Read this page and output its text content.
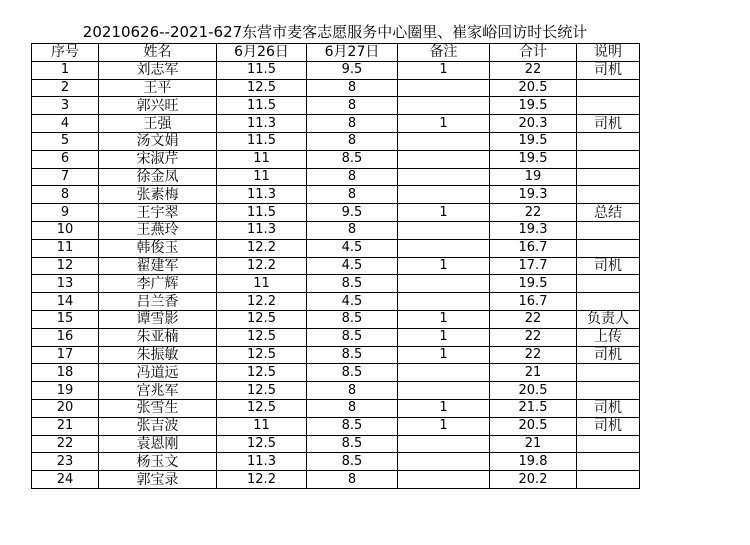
20210626--2021-627东营市麦客志愿服务中心圈里、崔家峪回访时长统计
序号	姓名	6月26日	6月27日	备注	合计	说明
1	刘志军	11.5	9.5	1	22	司机
2	王平	12.5	8		20.5	
3	郭兴旺	11.5	8		19.5	
4	王强	11.3	8	1	20.3	司机
5	汤文娟	11.5	8		19.5	
6	宋淑芹	11	8.5		19.5	
7	徐金凤	11	8		19	
8	张素梅	11.3	8		19.3	
9	王宇翠	11.5	9.5	1	22	总结
10	王燕玲	11.3	8		19.3	
11	韩俊玉	12.2	4.5		16.7	
12	翟建军	12.2	4.5	1	17.7	司机
13	李广辉	11	8.5		19.5	
14	吕兰香	12.2	4.5		16.7	
15	谭雪影	12.5	8.5	1	22	负责人
16	朱亚楠	12.5	8.5	1	22	上传
17	朱振敏	12.5	8.5	1	22	司机
18	冯道远	12.5	8.5		21	
19	宫兆军	12.5	8		20.5	
20	张雪生	12.5	8	1	21.5	司机
21	张吉波	11	8.5	1	20.5	司机
22	袁恩刚	12.5	8.5		21	
23	杨玉文	11.3	8.5		19.8	
24	郭宝录	12.2	8		20.2	
